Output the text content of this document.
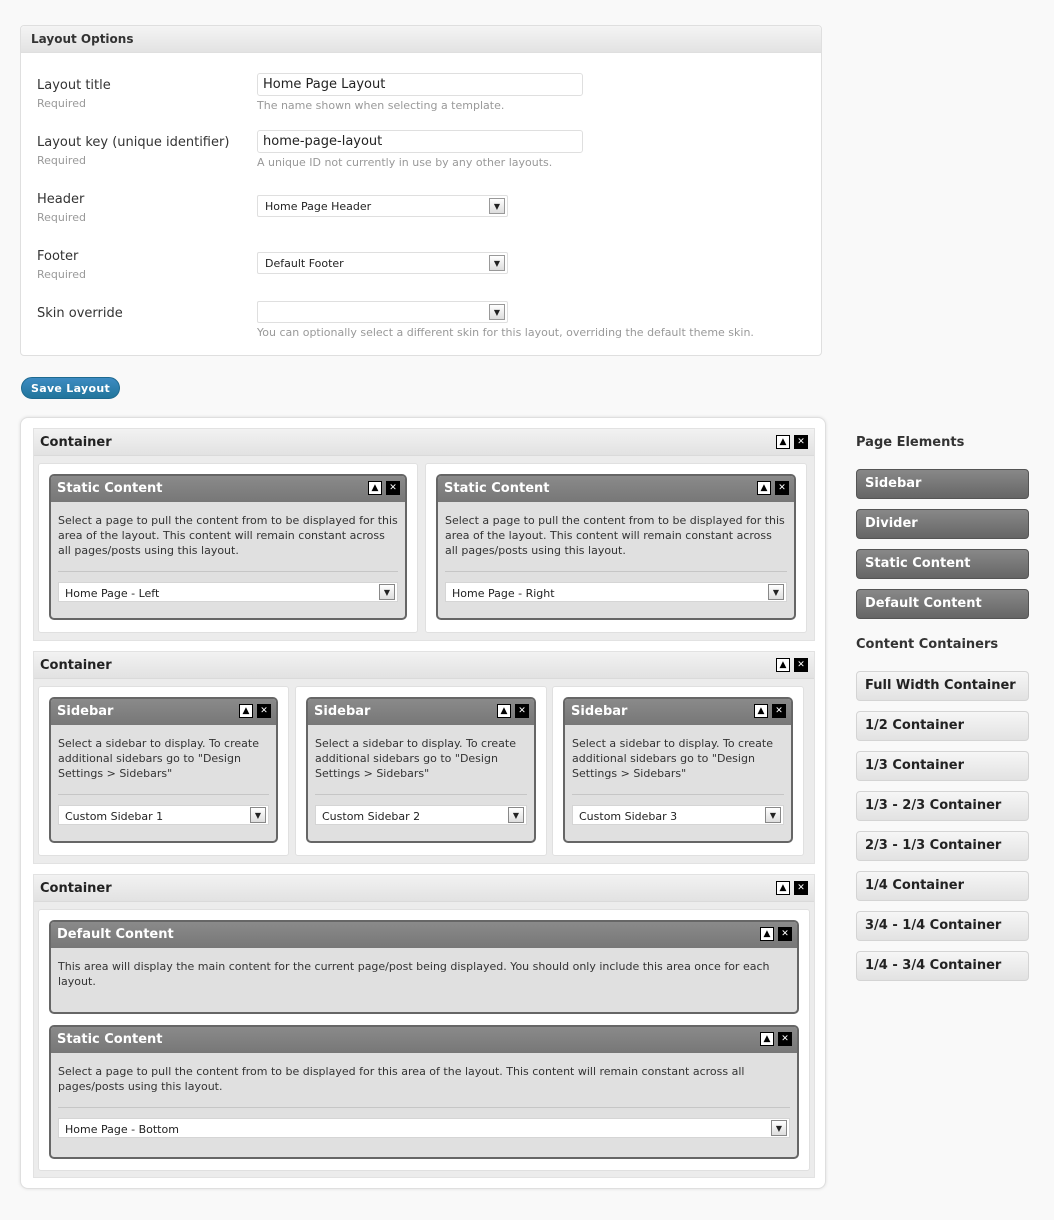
Layout Options
Layout title
Required
Home Page Layout	The name shown when selecting a template.
Layout key (unique identifier)
Required
home-page-layout	A unique ID not currently in use by any other layouts.
Header
Required
Home Page Header	▼
Footer
Required
Default Footer	▼
Skin override	▼
You can optionally select a different skin for this layout, overriding the default theme skin.
Save Layout
Container	▲ ✕
Static Content	▲ ✕
Select a page to pull the content from to be displayed for this area of the layout. This content will remain constant across all pages/posts using this layout.
Home Page - Left	▼
Static Content	▲ ✕
Select a page to pull the content from to be displayed for this area of the layout. This content will remain constant across all pages/posts using this layout.
Home Page - Right	▼
Container	▲ ✕
Sidebar	▲ ✕
Select a sidebar to display. To create additional sidebars go to "Design Settings > Sidebars"
Custom Sidebar 1	▼
Sidebar	▲ ✕
Select a sidebar to display. To create additional sidebars go to "Design Settings > Sidebars"
Custom Sidebar 2	▼
Sidebar	▲ ✕
Select a sidebar to display. To create additional sidebars go to "Design Settings > Sidebars"
Custom Sidebar 3	▼
Container	▲ ✕
Default Content	▲ ✕
This area will display the main content for the current page/post being displayed. You should only include this area once for each layout.
Static Content	▲ ✕
Select a page to pull the content from to be displayed for this area of the layout. This content will remain constant across all pages/posts using this layout.
Home Page - Bottom	▼
Page Elements
Sidebar
Divider
Static Content
Default Content
Content Containers
Full Width Container
1/2 Container
1/3 Container
1/3 - 2/3 Container
2/3 - 1/3 Container
1/4 Container
3/4 - 1/4 Container
1/4 - 3/4 Container
